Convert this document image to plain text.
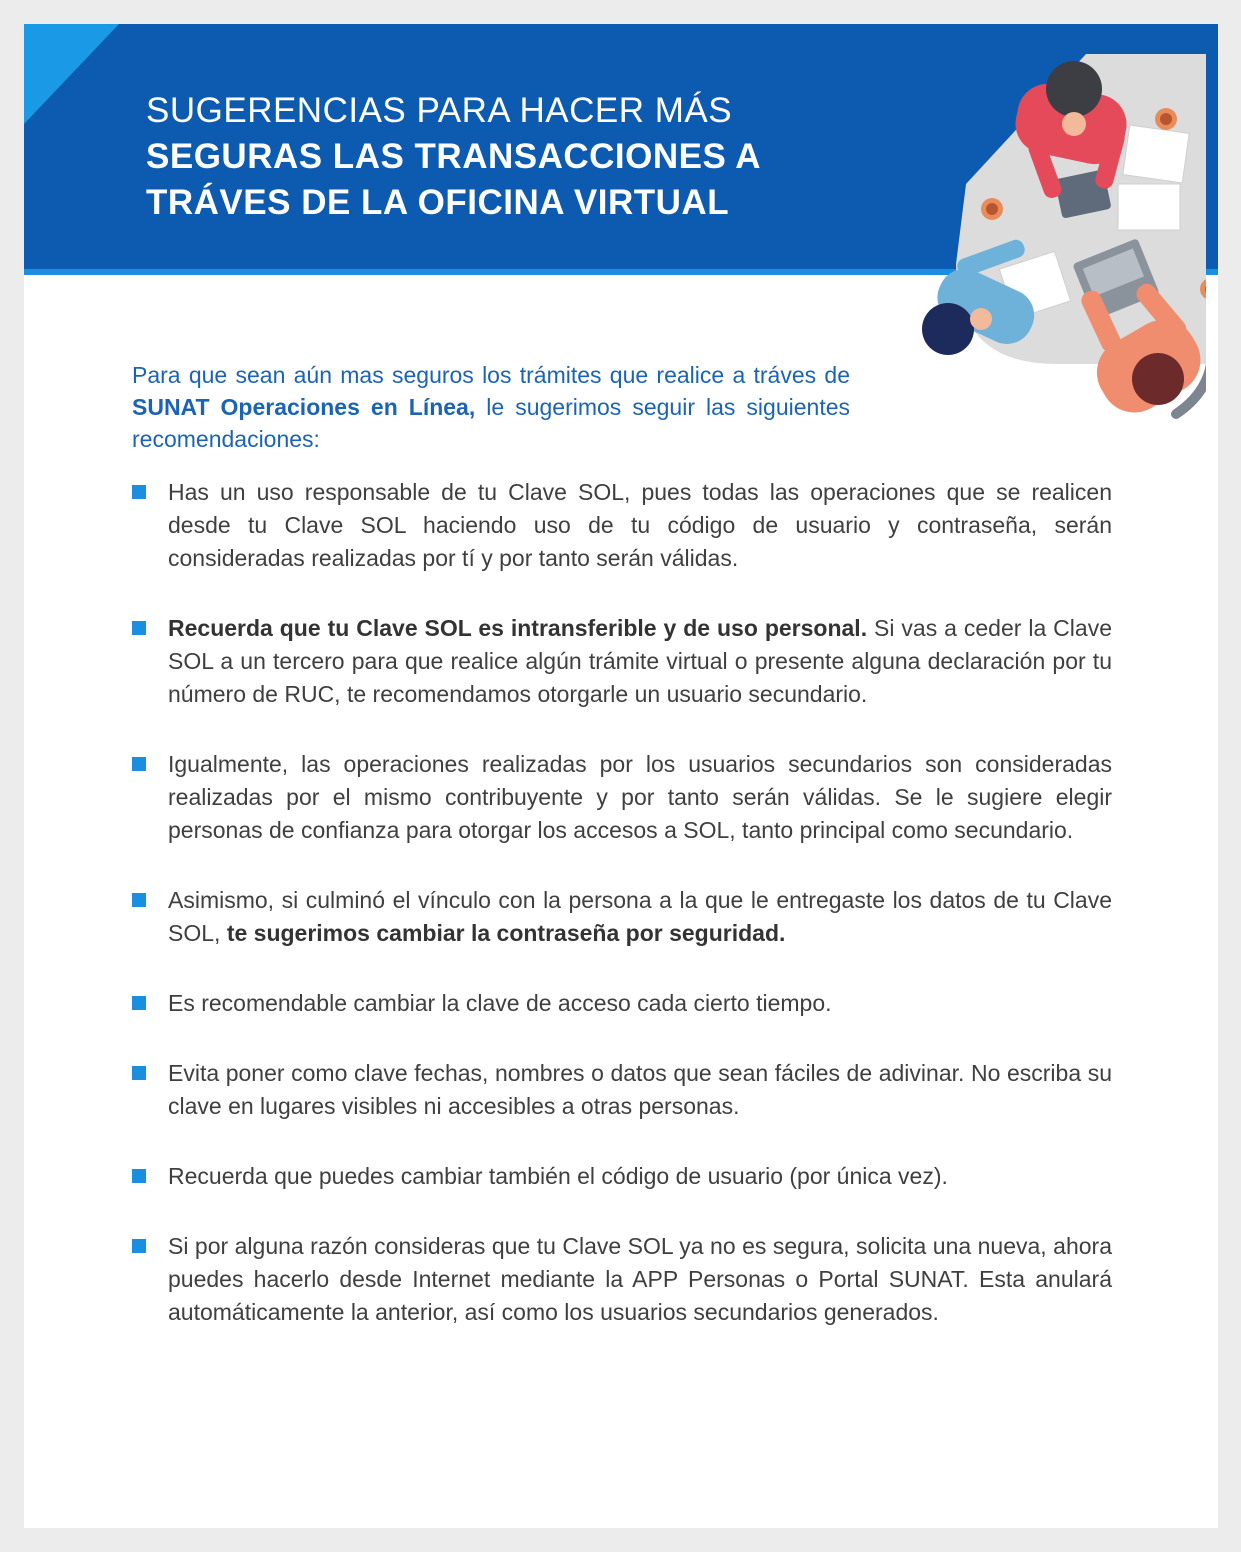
SUGERENCIAS PARA HACER MÁS
SEGURAS LAS TRANSACCIONES A
TRÁVES DE LA OFICINA VIRTUAL

Para que sean aún mas seguros los trámites que realice a tráves de SUNAT Operaciones en Línea, le sugerimos seguir las siguientes recomendaciones:

Has un uso responsable de tu Clave SOL, pues todas las operaciones que se realicen desde tu Clave SOL haciendo uso de tu código de usuario y contraseña, serán consideradas realizadas por tí y por tanto serán válidas.
Recuerda que tu Clave SOL es intransferible y de uso personal. Si vas a ceder la Clave SOL a un tercero para que realice algún trámite virtual o presente alguna declaración por tu número de RUC, te recomendamos otorgarle un usuario secundario.
Igualmente, las operaciones realizadas por los usuarios secundarios son consideradas realizadas por el mismo contribuyente y por tanto serán válidas. Se le sugiere elegir personas de confianza para otorgar los accesos a SOL, tanto principal como secundario.
Asimismo, si culminó el vínculo con la persona a la que le entregaste los datos de tu Clave SOL, te sugerimos cambiar la contraseña por seguridad.
Es recomendable cambiar la clave de acceso cada cierto tiempo.
Evita poner como clave fechas, nombres o datos que sean fáciles de adivinar. No escriba su clave en lugares visibles ni accesibles a otras personas.
Recuerda que puedes cambiar también el código de usuario (por única vez).
Si por alguna razón consideras que tu Clave SOL ya no es segura, solicita una nueva, ahora puedes hacerlo desde Internet mediante la APP Personas o Portal SUNAT. Esta anulará automáticamente la anterior, así como los usuarios secundarios generados.
